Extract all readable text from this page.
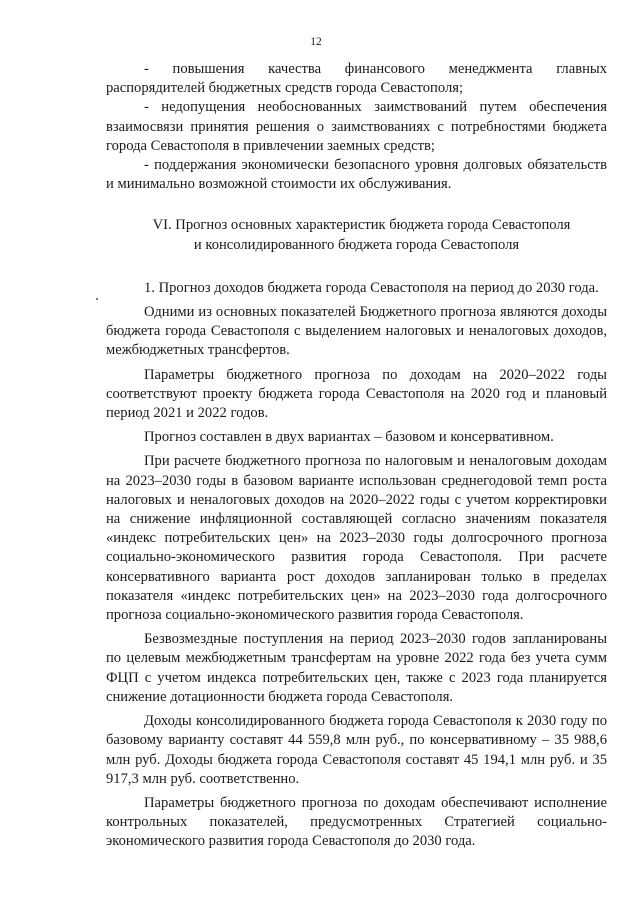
12

- повышения качества финансового менеджмента главных распорядителей бюджетных средств города Севастополя;

- недопущения необоснованных заимствований путем обеспечения взаимосвязи принятия решения о заимствованиях с потребностями бюджета города Севастополя в привлечении заемных средств;

- поддержания экономически безопасного уровня долговых обязательств и минимально возможной стоимости их обслуживания.

VI. Прогноз основных характеристик бюджета города Севастополя
и консолидированного бюджета города Севастополя

1. Прогноз доходов бюджета города Севастополя на период до 2030 года.

Одними из основных показателей Бюджетного прогноза являются доходы бюджета города Севастополя с выделением налоговых и неналоговых доходов, межбюджетных трансфертов.

Параметры бюджетного прогноза по доходам на 2020–2022 годы соответствуют проекту бюджета города Севастополя на 2020 год и плановый период 2021 и 2022 годов.

Прогноз составлен в двух вариантах – базовом и консервативном.

При расчете бюджетного прогноза по налоговым и неналоговым доходам на 2023–2030 годы в базовом варианте использован среднегодовой темп роста налоговых и неналоговых доходов на 2020–2022 годы с учетом корректировки на снижение инфляционной составляющей согласно значениям показателя «индекс потребительских цен» на 2023–2030 годы долгосрочного прогноза социально-экономического развития города Севастополя. При расчете консервативного варианта рост доходов запланирован только в пределах показателя «индекс потребительских цен» на 2023–2030 года долгосрочного прогноза социально-экономического развития города Севастополя.

Безвозмездные поступления на период 2023–2030 годов запланированы по целевым межбюджетным трансфертам на уровне 2022 года без учета сумм ФЦП с учетом индекса потребительских цен, также с 2023 года планируется снижение дотационности бюджета города Севастополя.

Доходы консолидированного бюджета города Севастополя к 2030 году по базовому варианту составят 44 559,8 млн руб., по консервативному – 35 988,6 млн руб. Доходы бюджета города Севастополя составят 45 194,1 млн руб. и 35 917,3 млн руб. соответственно.

Параметры бюджетного прогноза по доходам обеспечивают исполнение контрольных показателей, предусмотренных Стратегией социально-экономического развития города Севастополя до 2030 года.
